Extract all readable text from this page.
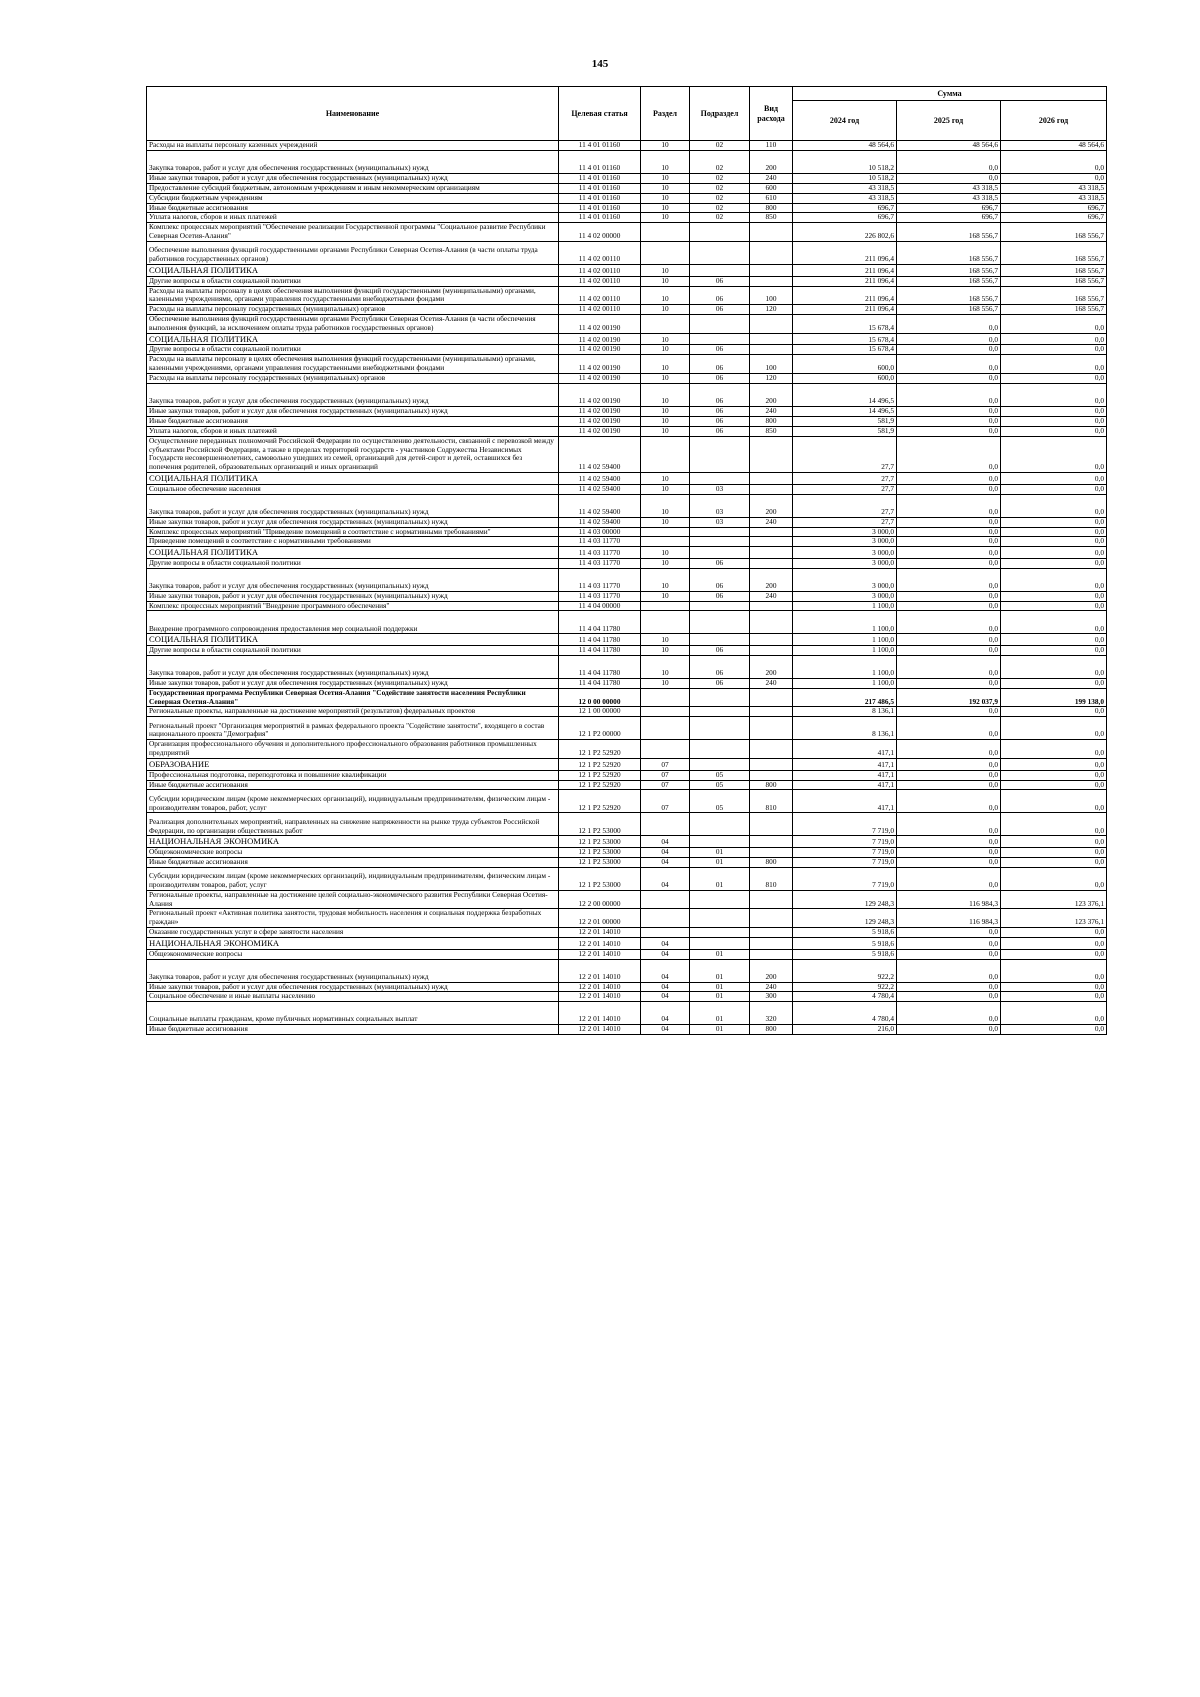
145
Наименование	Целевая статья	Раздел	Подраздел	Вид расхода	Сумма		
					2024 год	2025 год	2026 год
Расходы на выплаты персоналу казенных учреждений	11 4 01 01160	10	02	110	48 564,6	48 564,6	48 564,6
Закупка товаров, работ и услуг для обеспечения государственных (муниципальных) нужд	11 4 01 01160	10	02	200	10 518,2	0,0	0,0
Иные закупки товаров, работ и услуг для обеспечения государственных (муниципальных) нужд	11 4 01 01160	10	02	240	10 518,2	0,0	0,0
Предоставление субсидий бюджетным, автономным учреждениям и иным некоммерческим организациям	11 4 01 01160	10	02	600	43 318,5	43 318,5	43 318,5
Субсидии бюджетным учреждениям	11 4 01 01160	10	02	610	43 318,5	43 318,5	43 318,5
Иные бюджетные ассигнования	11 4 01 01160	10	02	800	696,7	696,7	696,7
Уплата налогов, сборов и иных платежей	11 4 01 01160	10	02	850	696,7	696,7	696,7
Комплекс процессных мероприятий "Обеспечение реализации Государственной программы "Социальное развитие Республики Северная Осетия-Алания"	11 4 02 00000				226 802,6	168 556,7	168 556,7
Обеспечение выполнения функций государственными органами Республики Северная Осетия-Алания (в части оплаты труда работников государственных органов)	11 4 02 00110				211 096,4	168 556,7	168 556,7
СОЦИАЛЬНАЯ ПОЛИТИКА	11 4 02 00110	10			211 096,4	168 556,7	168 556,7
Другие вопросы в области социальной политики	11 4 02 00110	10	06		211 096,4	168 556,7	168 556,7
Расходы на выплаты персоналу в целях обеспечения выполнения функций государственными (муниципальными) органами, казенными учреждениями, органами управления государственными внебюджетными фондами	11 4 02 00110	10	06	100	211 096,4	168 556,7	168 556,7
Расходы на выплаты персоналу государственных (муниципальных) органов	11 4 02 00110	10	06	120	211 096,4	168 556,7	168 556,7
Обеспечение выполнения функций государственными органами Республики Северная Осетия-Алания (в части обеспечения выполнения функций, за исключением оплаты труда работников государственных органов)	11 4 02 00190				15 678,4	0,0	0,0
СОЦИАЛЬНАЯ ПОЛИТИКА	11 4 02 00190	10			15 678,4	0,0	0,0
Другие вопросы в области социальной политики	11 4 02 00190	10	06		15 678,4	0,0	0,0
Расходы на выплаты персоналу в целях обеспечения выполнения функций государственными (муниципальными) органами, казенными учреждениями, органами управления государственными внебюджетными фондами	11 4 02 00190	10	06	100	600,0	0,0	0,0
Расходы на выплаты персоналу государственных (муниципальных) органов	11 4 02 00190	10	06	120	600,0	0,0	0,0
Закупка товаров, работ и услуг для обеспечения государственных (муниципальных) нужд	11 4 02 00190	10	06	200	14 496,5	0,0	0,0
Иные закупки товаров, работ и услуг для обеспечения государственных (муниципальных) нужд	11 4 02 00190	10	06	240	14 496,5	0,0	0,0
Иные бюджетные ассигнования	11 4 02 00190	10	06	800	581,9	0,0	0,0
Уплата налогов, сборов и иных платежей	11 4 02 00190	10	06	850	581,9	0,0	0,0
Осуществление переданных полномочий Российской Федерации по осуществлению деятельности, связанной с перевозкой между субъектами Российской Федерации, а также в пределах территорий государств - участников Содружества Независимых Государств несовершеннолетних, самовольно ушедших из семей, организаций для детей-сирот и детей, оставшихся без попечения родителей, образовательных организаций и иных организаций	11 4 02 59400				27,7	0,0	0,0
СОЦИАЛЬНАЯ ПОЛИТИКА	11 4 02 59400	10			27,7	0,0	0,0
Социальное обеспечение населения	11 4 02 59400	10	03		27,7	0,0	0,0
Закупка товаров, работ и услуг для обеспечения государственных (муниципальных) нужд	11 4 02 59400	10	03	200	27,7	0,0	0,0
Иные закупки товаров, работ и услуг для обеспечения государственных (муниципальных) нужд	11 4 02 59400	10	03	240	27,7	0,0	0,0
Комплекс процессных мероприятий "Приведение помещений в соответствие с нормативными требованиями"	11 4 03 00000				3 000,0	0,0	0,0
Приведение помещений в соответствие с нормативными требованиями	11 4 03 11770				3 000,0	0,0	0,0
СОЦИАЛЬНАЯ ПОЛИТИКА	11 4 03 11770	10			3 000,0	0,0	0,0
Другие вопросы в области социальной политики	11 4 03 11770	10	06		3 000,0	0,0	0,0
Закупка товаров, работ и услуг для обеспечения государственных (муниципальных) нужд	11 4 03 11770	10	06	200	3 000,0	0,0	0,0
Иные закупки товаров, работ и услуг для обеспечения государственных (муниципальных) нужд	11 4 03 11770	10	06	240	3 000,0	0,0	0,0
Комплекс процессных мероприятий "Внедрение программного обеспечения"	11 4 04 00000				1 100,0	0,0	0,0
Внедрение программного сопровождения предоставления мер социальной поддержки	11 4 04 11780				1 100,0	0,0	0,0
СОЦИАЛЬНАЯ ПОЛИТИКА	11 4 04 11780	10			1 100,0	0,0	0,0
Другие вопросы в области социальной политики	11 4 04 11780	10	06		1 100,0	0,0	0,0
Закупка товаров, работ и услуг для обеспечения государственных (муниципальных) нужд	11 4 04 11780	10	06	200	1 100,0	0,0	0,0
Иные закупки товаров, работ и услуг для обеспечения государственных (муниципальных) нужд	11 4 04 11780	10	06	240	1 100,0	0,0	0,0
Государственная программа Республики Северная Осетия-Алания "Содействие занятости населения Республики Северная Осетия-Алания"	12 0 00 00000				217 486,5	192 037,9	199 138,0
Региональные проекты, направленные на достижение мероприятий (результатов) федеральных проектов	12 1 00 00000				8 136,1	0,0	0,0
Региональный проект "Организация мероприятий в рамках федерального проекта "Содействие занятости", входящего в состав национального проекта "Демография"	12 1 P2 00000				8 136,1	0,0	0,0
Организация профессионального обучения и дополнительного профессионального образования работников промышленных предприятий	12 1 P2 52920				417,1	0,0	0,0
ОБРАЗОВАНИЕ	12 1 P2 52920	07			417,1	0,0	0,0
Профессиональная подготовка, переподготовка и повышение квалификации	12 1 P2 52920	07	05		417,1	0,0	0,0
Иные бюджетные ассигнования	12 1 P2 52920	07	05	800	417,1	0,0	0,0
Субсидии юридическим лицам (кроме некоммерческих организаций), индивидуальным предпринимателям, физическим лицам - производителям товаров, работ, услуг	12 1 P2 52920	07	05	810	417,1	0,0	0,0
Реализация дополнительных мероприятий, направленных на снижение напряженности на рынке труда субъектов Российской Федерации, по организации общественных работ	12 1 P2 53000				7 719,0	0,0	0,0
НАЦИОНАЛЬНАЯ ЭКОНОМИКА	12 1 P2 53000	04			7 719,0	0,0	0,0
Общеэкономические вопросы	12 1 P2 53000	04	01		7 719,0	0,0	0,0
Иные бюджетные ассигнования	12 1 P2 53000	04	01	800	7 719,0	0,0	0,0
Субсидии юридическим лицам (кроме некоммерческих организаций), индивидуальным предпринимателям, физическим лицам - производителям товаров, работ, услуг	12 1 P2 53000	04	01	810	7 719,0	0,0	0,0
Региональные проекты, направленные на достижение целей социально-экономического развития Республики Северная Осетия-Алания	12 2 00 00000				129 248,3	116 984,3	123 376,1
Региональный проект «Активная политика занятости, трудовая мобильность населения и социальная поддержка безработных граждан»	12 2 01 00000				129 248,3	116 984,3	123 376,1
Оказание государственных услуг в сфере занятости населения	12 2 01 14010				5 918,6	0,0	0,0
НАЦИОНАЛЬНАЯ ЭКОНОМИКА	12 2 01 14010	04			5 918,6	0,0	0,0
Общеэкономические вопросы	12 2 01 14010	04	01		5 918,6	0,0	0,0
Закупка товаров, работ и услуг для обеспечения государственных (муниципальных) нужд	12 2 01 14010	04	01	200	922,2	0,0	0,0
Иные закупки товаров, работ и услуг для обеспечения государственных (муниципальных) нужд	12 2 01 14010	04	01	240	922,2	0,0	0,0
Социальное обеспечение и иные выплаты населению	12 2 01 14010	04	01	300	4 780,4	0,0	0,0
Социальные выплаты гражданам, кроме публичных нормативных социальных выплат	12 2 01 14010	04	01	320	4 780,4	0,0	0,0
Иные бюджетные ассигнования	12 2 01 14010	04	01	800	216,0	0,0	0,0
